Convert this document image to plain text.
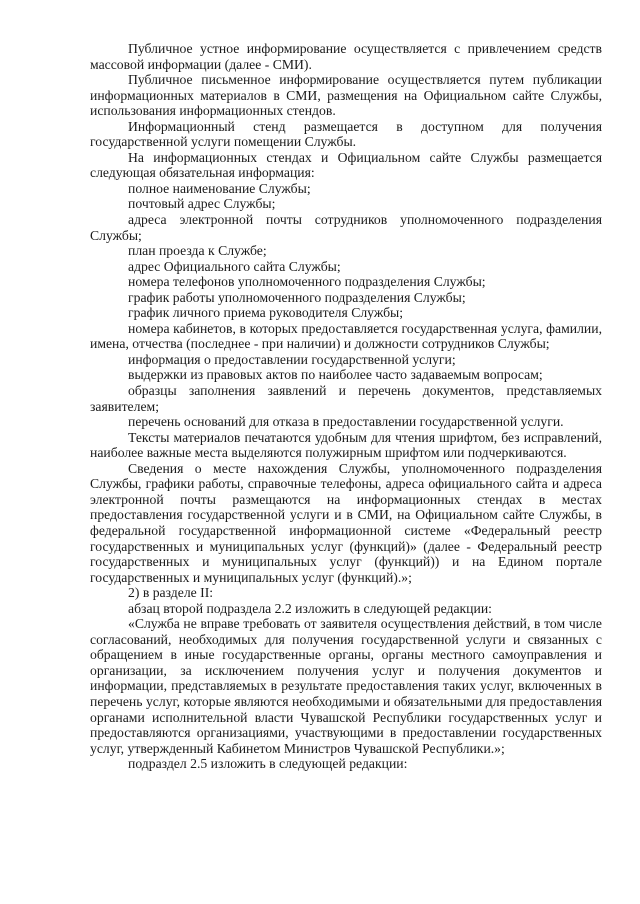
Публичное устное информирование осуществляется с привлечением средств массовой информации (далее - СМИ).

Публичное письменное информирование осуществляется путем публикации информационных материалов в СМИ, размещения на Официальном сайте Службы, использования информационных стендов.

Информационный стенд размещается в доступном для получения государственной услуги помещении Службы.

На информационных стендах и Официальном сайте Службы размещается следующая обязательная информация:

полное наименование Службы;

почтовый адрес Службы;

адреса электронной почты сотрудников уполномоченного подразделения Службы;

план проезда к Службе;

адрес Официального сайта Службы;

номера телефонов уполномоченного подразделения Службы;

график работы уполномоченного подразделения Службы;

график личного приема руководителя Службы;

номера кабинетов, в которых предоставляется государственная услуга, фамилии, имена, отчества (последнее - при наличии) и должности сотрудников Службы;

информация о предоставлении государственной услуги;

выдержки из правовых актов по наиболее часто задаваемым вопросам;

образцы заполнения заявлений и перечень документов, представляемых заявителем;

перечень оснований для отказа в предоставлении государственной услуги.

Тексты материалов печатаются удобным для чтения шрифтом, без исправлений, наиболее важные места выделяются полужирным шрифтом или подчеркиваются.

Сведения о месте нахождения Службы, уполномоченного подразделения Службы, графики работы, справочные телефоны, адреса официального сайта и адреса электронной почты размещаются на информационных стендах в местах предоставления государственной услуги и в СМИ, на Официальном сайте Службы, в федеральной государственной информационной системе «Федеральный реестр государственных и муниципальных услуг (функций)» (далее - Федеральный реестр государственных и муниципальных услуг (функций)) и на Едином портале государственных и муниципальных услуг (функций).»;

2) в разделе II:

абзац второй подраздела 2.2 изложить в следующей редакции:

«Служба не вправе требовать от заявителя осуществления действий, в том числе согласований, необходимых для получения государственной услуги и связанных с обращением в иные государственные органы, органы местного самоуправления и организации, за исключением получения услуг и получения документов и информации, представляемых в результате предоставления таких услуг, включенных в перечень услуг, которые являются необходимыми и обязательными для предоставления органами исполнительной власти Чувашской Республики государственных услуг и предоставляются организациями, участвующими в предоставлении государственных услуг, утвержденный Кабинетом Министров Чувашской Республики.»;

подраздел 2.5 изложить в следующей редакции:
